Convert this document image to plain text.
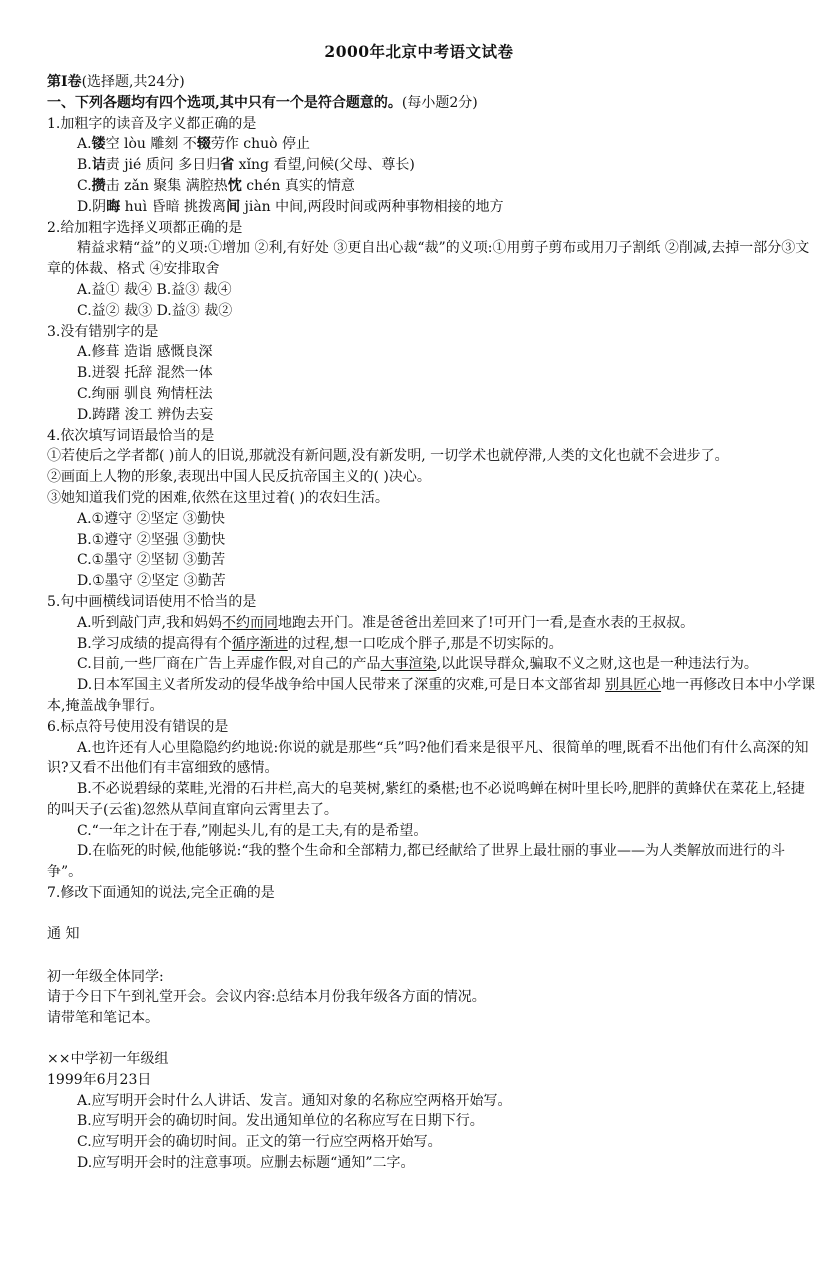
2000年北京中考语文试卷
第Ⅰ卷(选择题,共24分)
一、下列各题均有四个选项,其中只有一个是符合题意的。(每小题2分)
1.加粗字的读音及字义都正确的是
A.镂空 lòu 雕刻 不辍劳作 chuò 停止
B.诘责 jié 质问 多日归省 xǐng 看望,问候(父母、尊长)
C.攒击 zǎn 聚集 满腔热忱 chén 真实的情意
D.阴晦 huì 昏暗 挑拨离间 jiàn 中间,两段时间或两种事物相接的地方
2.给加粗字选择义项都正确的是
精益求精“益”的义项:①增加 ②利,有好处 ③更自出心裁“裁”的义项:①用剪子剪布或用刀子割纸 ②削减,去掉一部分③文章的体裁、格式 ④安排取舍
A.益① 裁④ B.益③ 裁④
C.益② 裁③ D.益③ 裁②
3.没有错别字的是
A.修葺 造诣 感慨良深
B.迸裂 托辞 混然一体
C.绚丽 驯良 殉情枉法
D.踌躇 浚工 辨伪去妄
4.依次填写词语最恰当的是
①若使后之学者都( )前人的旧说,那就没有新问题,没有新发明, 一切学术也就停滞,人类的文化也就不会进步了。
②画面上人物的形象,表现出中国人民反抗帝国主义的( )决心。
③她知道我们党的困难,依然在这里过着( )的农妇生活。
A.①遵守 ②坚定 ③勤快
B.①遵守 ②坚强 ③勤快
C.①墨守 ②坚韧 ③勤苦
D.①墨守 ②坚定 ③勤苦
5.句中画横线词语使用不恰当的是
A.听到敲门声,我和妈妈不约而同地跑去开门。准是爸爸出差回来了!可开门一看,是查水表的王叔叔。
B.学习成绩的提高得有个循序渐进的过程,想一口吃成个胖子,那是不切实际的。
C.目前,一些厂商在广告上弄虚作假,对自己的产品大事渲染,以此误导群众,骗取不义之财,这也是一种违法行为。
D.日本军国主义者所发动的侵华战争给中国人民带来了深重的灾难,可是日本文部省却 别具匠心地一再修改日本中小学课本,掩盖战争罪行。
6.标点符号使用没有错误的是
A.也许还有人心里隐隐约约地说:你说的就是那些“兵”吗?他们看来是很平凡、很简单的哩,既看不出他们有什么高深的知识?又看不出他们有丰富细致的感情。
B.不必说碧绿的菜畦,光滑的石井栏,高大的皂荚树,紫红的桑椹;也不必说鸣蝉在树叶里长吟,肥胖的黄蜂伏在菜花上,轻捷的叫天子(云雀)忽然从草间直窜向云霄里去了。
C.“一年之计在于春,”刚起头儿,有的是工夫,有的是希望。
D.在临死的时候,他能够说:“我的整个生命和全部精力,都已经献给了世界上最壮丽的事业——为人类解放而进行的斗争”。
7.修改下面通知的说法,完全正确的是
通 知
初一年级全体同学:
请于今日下午到礼堂开会。会议内容:总结本月份我年级各方面的情况。
请带笔和笔记本。
××中学初一年级组
1999年6月23日
A.应写明开会时什么人讲话、发言。通知对象的名称应空两格开始写。
B.应写明开会的确切时间。发出通知单位的名称应写在日期下行。
C.应写明开会的确切时间。正文的第一行应空两格开始写。
D.应写明开会时的注意事项。应删去标题“通知”二字。
